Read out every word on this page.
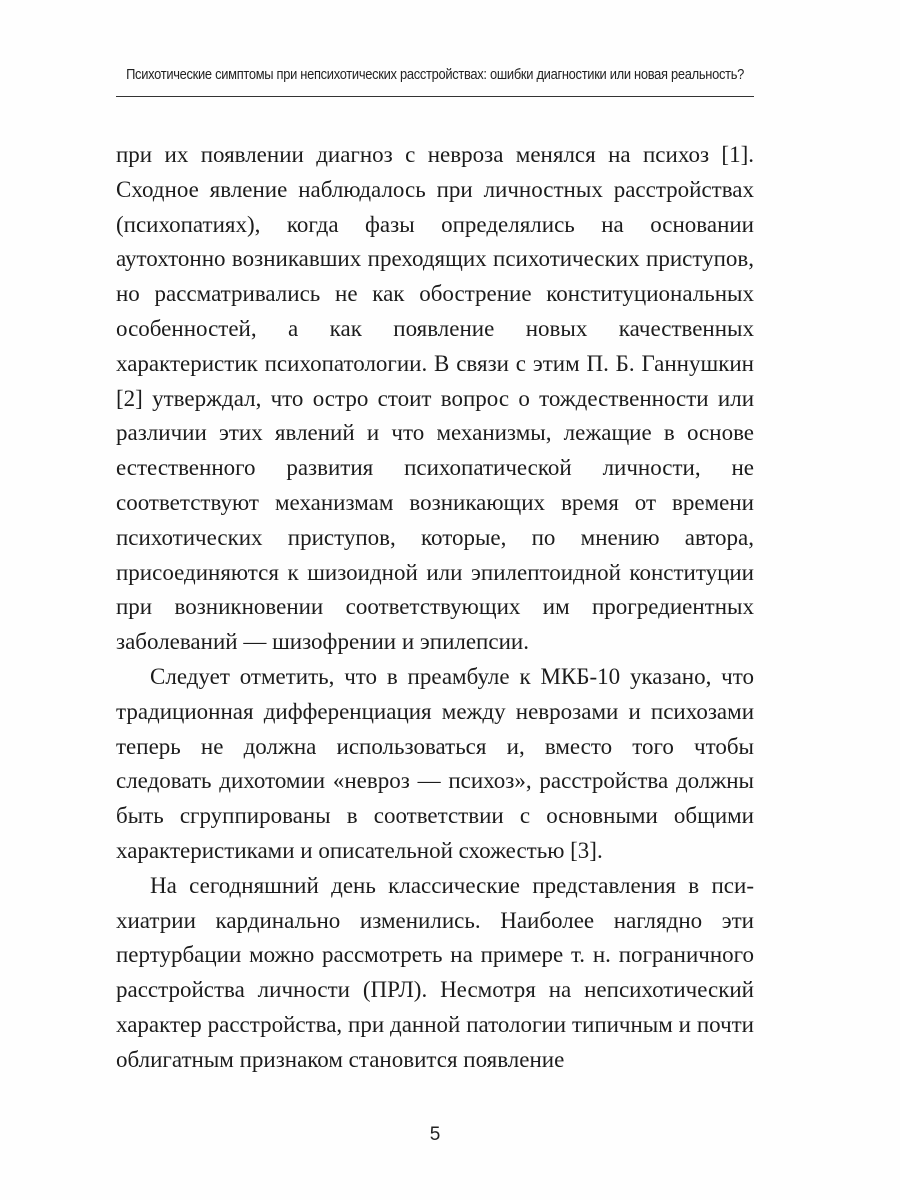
Психотические симптомы при непсихотических расстройствах: ошибки диагностики или новая реальность?

при их появлении диагноз с невроза менялся на психоз [1]. Сходное явление наблюдалось при личностных расстройствах (психопатиях), когда фазы определялись на основании аутохтонно возникавших преходящих психотических приступов, но рассматривались не как обострение конституциональных особенностей, а как появление новых качественных характеристик психопатологии. В связи с этим П. Б. Ганнушкин [2] утверждал, что остро стоит вопрос о тождественности или различии этих явлений и что механизмы, лежащие в основе естественного развития психопатической личности, не соответствуют механизмам возникающих время от времени психотических приступов, которые, по мнению автора, присоединяются к шизоидной или эпилептоидной конституции при возникновении соответствующих им прогредиентных заболеваний — шизофрении и эпилепсии.

Следует отметить, что в преамбуле к МКБ-10 указано, что традиционная дифференциация между неврозами и психозами теперь не должна использоваться и, вместо того чтобы следовать дихотомии «невроз — психоз», расстройства должны быть сгруппированы в соответствии с основными общими характеристиками и описательной схожестью [3].

На сегодняшний день классические представления в психиатрии кардинально изменились. Наиболее наглядно эти пертурбации можно рассмотреть на примере т. н. пограничного расстройства личности (ПРЛ). Несмотря на непсихотический характер расстройства, при данной патологии типичным и почти облигатным признаком становится появление

5
